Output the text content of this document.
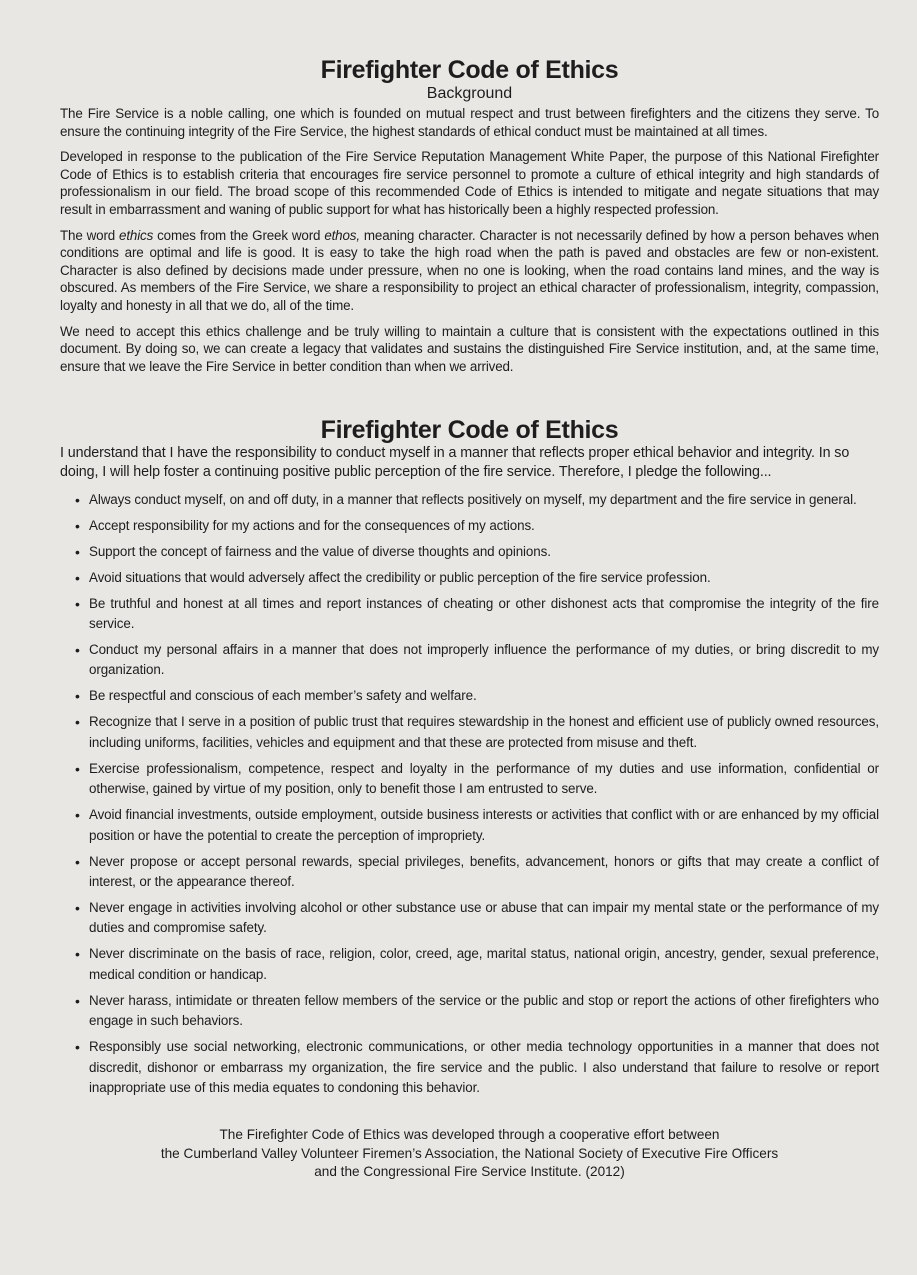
Firefighter Code of Ethics
Background

The Fire Service is a noble calling, one which is founded on mutual respect and trust between firefighters and the citizens they serve. To ensure the continuing integrity of the Fire Service, the highest standards of ethical conduct must be maintained at all times.

Developed in response to the publication of the Fire Service Reputation Management White Paper, the purpose of this National Firefighter Code of Ethics is to establish criteria that encourages fire service personnel to promote a culture of ethical integrity and high standards of professionalism in our field. The broad scope of this recommended Code of Ethics is intended to mitigate and negate situations that may result in embarrassment and waning of public support for what has historically been a highly respected profession.

The word ethics comes from the Greek word ethos, meaning character. Character is not necessarily defined by how a person behaves when conditions are optimal and life is good. It is easy to take the high road when the path is paved and obstacles are few or non-existent. Character is also defined by decisions made under pressure, when no one is looking, when the road contains land mines, and the way is obscured. As members of the Fire Service, we share a responsibility to project an ethical character of professionalism, integrity, compassion, loyalty and honesty in all that we do, all of the time.

We need to accept this ethics challenge and be truly willing to maintain a culture that is consistent with the expectations outlined in this document. By doing so, we can create a legacy that validates and sustains the distinguished Fire Service institution, and, at the same time, ensure that we leave the Fire Service in better condition than when we arrived.

Firefighter Code of Ethics

I understand that I have the responsibility to conduct myself in a manner that reflects proper ethical behavior and integrity. In so doing, I will help foster a continuing positive public perception of the fire service. Therefore, I pledge the following...

• Always conduct myself, on and off duty, in a manner that reflects positively on myself, my department and the fire service in general.
• Accept responsibility for my actions and for the consequences of my actions.
• Support the concept of fairness and the value of diverse thoughts and opinions.
• Avoid situations that would adversely affect the credibility or public perception of the fire service profession.
• Be truthful and honest at all times and report instances of cheating or other dishonest acts that compromise the integrity of the fire service.
• Conduct my personal affairs in a manner that does not improperly influence the performance of my duties, or bring discredit to my organization.
• Be respectful and conscious of each member’s safety and welfare.
• Recognize that I serve in a position of public trust that requires stewardship in the honest and efficient use of publicly owned resources, including uniforms, facilities, vehicles and equipment and that these are protected from misuse and theft.
• Exercise professionalism, competence, respect and loyalty in the performance of my duties and use information, confidential or otherwise, gained by virtue of my position, only to benefit those I am entrusted to serve.
• Avoid financial investments, outside employment, outside business interests or activities that conflict with or are enhanced by my official position or have the potential to create the perception of impropriety.
• Never propose or accept personal rewards, special privileges, benefits, advancement, honors or gifts that may create a conflict of interest, or the appearance thereof.
• Never engage in activities involving alcohol or other substance use or abuse that can impair my mental state or the performance of my duties and compromise safety.
• Never discriminate on the basis of race, religion, color, creed, age, marital status, national origin, ancestry, gender, sexual preference, medical condition or handicap.
• Never harass, intimidate or threaten fellow members of the service or the public and stop or report the actions of other firefighters who engage in such behaviors.
• Responsibly use social networking, electronic communications, or other media technology opportunities in a manner that does not discredit, dishonor or embarrass my organization, the fire service and the public. I also understand that failure to resolve or report inappropriate use of this media equates to condoning this behavior.
The Firefighter Code of Ethics was developed through a cooperative effort between
the Cumberland Valley Volunteer Firemen’s Association, the National Society of Executive Fire Officers
and the Congressional Fire Service Institute. (2012)
